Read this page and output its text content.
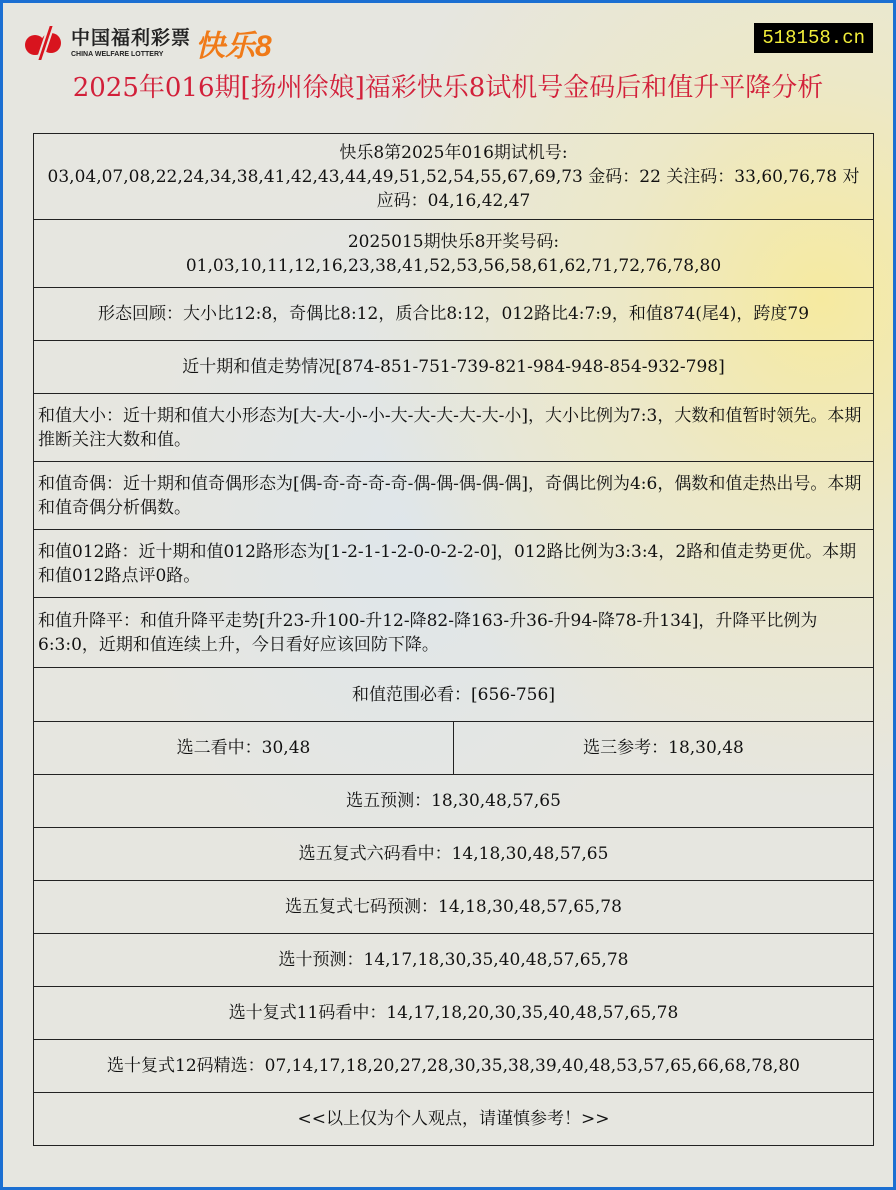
中国福利彩票
CHINA WELFARE LOTTERY	快乐8	518158.cn
2025年016期[扬州徐娘]福彩快乐8试机号金码后和值升平降分析
快乐8第2025年016期试机号:
03,04,07,08,22,24,34,38,41,42,43,44,49,51,52,54,55,67,69,73 金码：22 关注码：33,60,76,78 对应码：04,16,42,47

2025015期快乐8开奖号码:
01,03,10,11,12,16,23,38,41,52,53,56,58,61,62,71,72,76,78,80

形态回顾：大小比12:8，奇偶比8:12，质合比8:12，012路比4:7:9，和值874(尾4)，跨度79
近十期和值走势情况[874-851-751-739-821-984-948-854-932-798]
和值大小：近十期和值大小形态为[大-大-小-小-大-大-大-大-大-小]，大小比例为7:3，大数和值暂时领先。本期推断关注大数和值。
和值奇偶：近十期和值奇偶形态为[偶-奇-奇-奇-奇-偶-偶-偶-偶-偶]，奇偶比例为4:6，偶数和值走热出号。本期和值奇偶分析偶数。
和值012路：近十期和值012路形态为[1-2-1-1-2-0-0-2-2-0]，012路比例为3:3:4，2路和值走势更优。本期和值012路点评0路。
和值升降平：和值升降平走势[升23-升100-升12-降82-降163-升36-升94-降78-升134]，升降平比例为6:3:0，近期和值连续上升，今日看好应该回防下降。
和值范围必看：[656-756]
选二看中：30,48	选三参考：18,30,48
选五预测：18,30,48,57,65
选五复式六码看中：14,18,30,48,57,65
选五复式七码预测：14,18,30,48,57,65,78
选十预测：14,17,18,30,35,40,48,57,65,78
选十复式11码看中：14,17,18,20,30,35,40,48,57,65,78
选十复式12码精选：07,14,17,18,20,27,28,30,35,38,39,40,48,53,57,65,66,68,78,80
<<以上仅为个人观点，请谨慎参考！>>
